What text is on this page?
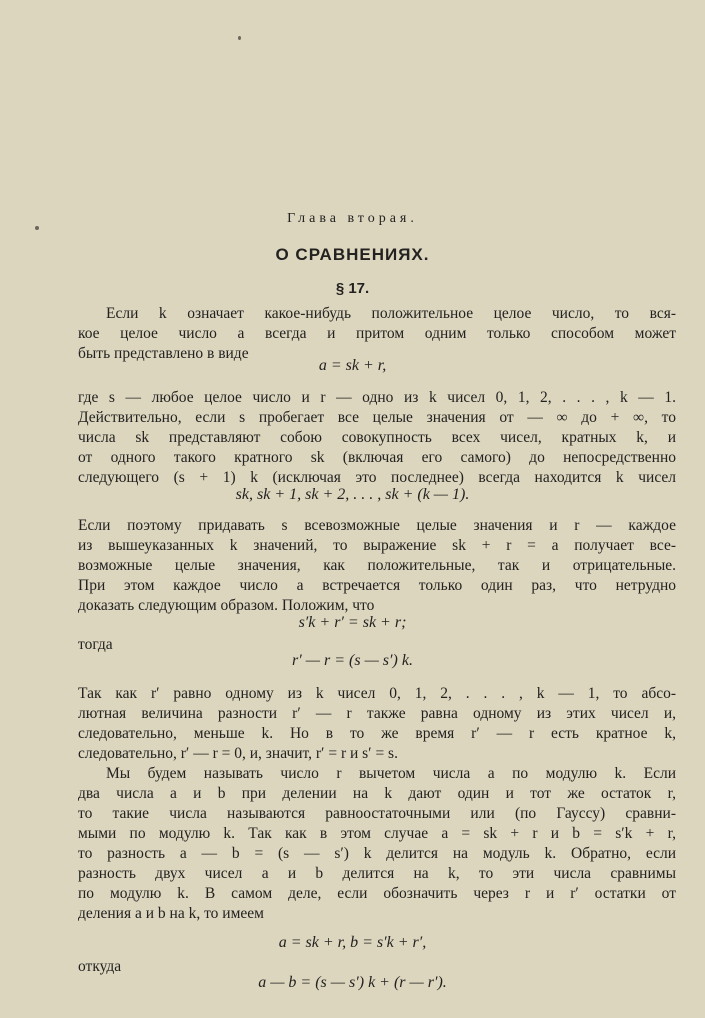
Глава вторая.
О СРАВНЕНИЯХ.
§ 17.
Если k означает какое-нибудь положительное целое число, то вся-
кое целое число a всегда и притом одним только способом может
быть представлено в виде
a = sk + r,
где s — любое целое число и r — одно из k чисел 0, 1, 2, . . . , k — 1.
Действительно, если s пробегает все целые значения от — ∞ до + ∞, то
числа sk представляют собою совокупность всех чисел, кратных k, и
от одного такого кратного sk (включая его самого) до непосредственно
следующего (s + 1) k (исключая это последнее) всегда находится k чисел
sk, sk + 1, sk + 2, . . . , sk + (k — 1).
Если поэтому придавать s всевозможные целые значения и r — каждое
из вышеуказанных k значений, то выражение sk + r = a получает все-
возможные целые значения, как положительные, так и отрицательные.
При этом каждое число a встречается только один раз, что нетрудно
доказать следующим образом. Положим, что
s′k + r′ = sk + r;
тогда
r′ — r = (s — s′) k.
Так как r′ равно одному из k чисел 0, 1, 2, . . . , k — 1, то абсо-
лютная величина разности r′ — r также равна одному из этих чисел и,
следовательно, меньше k. Но в то же время r′ — r есть кратное k,
следовательно, r′ — r = 0, и, значит, r′ = r и s′ = s.
Мы будем называть число r вычетом числа a по модулю k. Если
два числа a и b при делении на k дают один и тот же остаток r,
то такие числа называются равноостаточными или (по Гауссу) сравни-
мыми по модулю k. Так как в этом случае a = sk + r и b = s′k + r,
то разность a — b = (s — s′) k делится на модуль k. Обратно, если
разность двух чисел a и b делится на k, то эти числа сравнимы
по модулю k. В самом деле, если обозначить через r и r′ остатки от
деления a и b на k, то имеем
a = sk + r, b = s′k + r′,
откуда
a — b = (s — s′) k + (r — r′).
